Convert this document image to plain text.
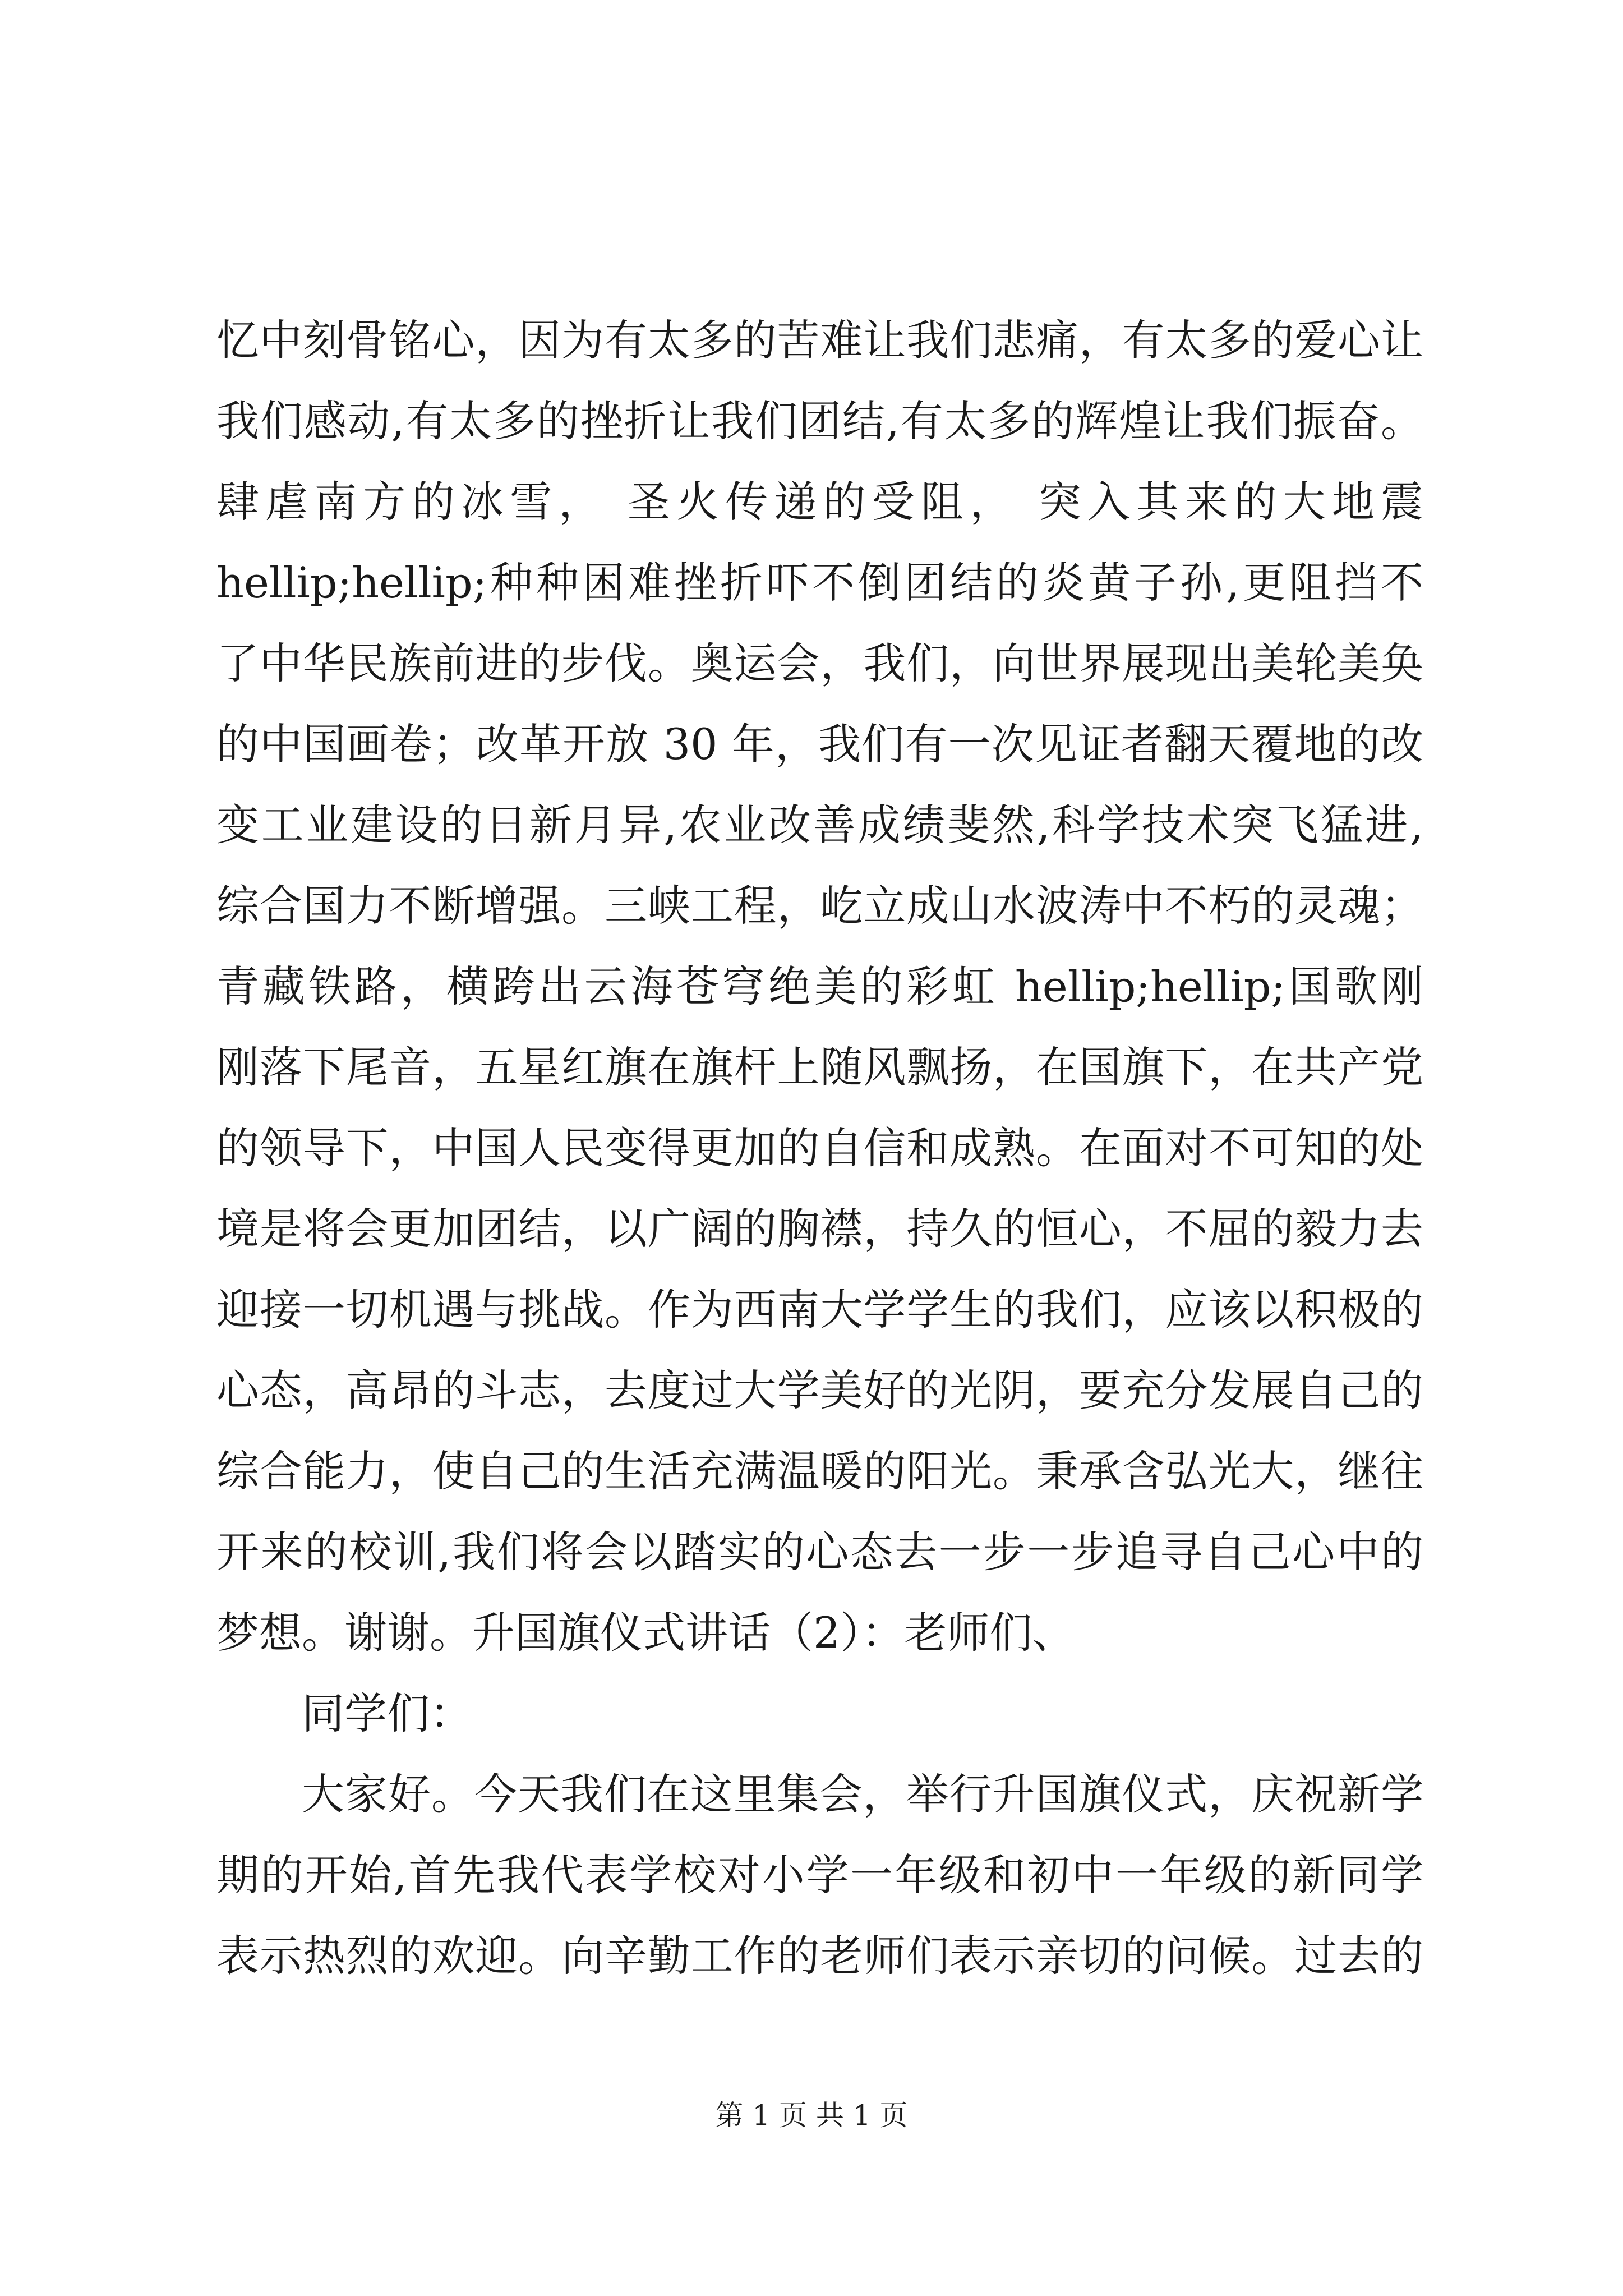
忆中刻骨铭心，因为有太多的苦难让我们悲痛，有太多的爱心让
我们感动,有太多的挫折让我们团结,有太多的辉煌让我们振奋。
肆虐南方的冰雪， 圣火传递的受阻， 突入其来的大地震
hellip;hellip;种种困难挫折吓不倒团结的炎黄子孙,更阻挡不
了中华民族前进的步伐。奥运会，我们，向世界展现出美轮美奂
的中国画卷；改革开放 30 年，我们有一次见证者翻天覆地的改
变工业建设的日新月异,农业改善成绩斐然,科学技术突飞猛进,
综合国力不断增强。三峡工程，屹立成山水波涛中不朽的灵魂；
青藏铁路，横跨出云海苍穹绝美的彩虹 hellip;hellip;国歌刚
刚落下尾音，五星红旗在旗杆上随风飘扬，在国旗下，在共产党
的领导下，中国人民变得更加的自信和成熟。在面对不可知的处
境是将会更加团结，以广阔的胸襟，持久的恒心，不屈的毅力去
迎接一切机遇与挑战。作为西南大学学生的我们，应该以积极的
心态，高昂的斗志，去度过大学美好的光阴，要充分发展自己的
综合能力，使自己的生活充满温暖的阳光。秉承含弘光大，继往
开来的校训,我们将会以踏实的心态去一步一步追寻自己心中的
梦想。谢谢。升国旗仪式讲话（2）：老师们、
同学们：
大家好。今天我们在这里集会，举行升国旗仪式，庆祝新学
期的开始,首先我代表学校对小学一年级和初中一年级的新同学
表示热烈的欢迎。向辛勤工作的老师们表示亲切的问候。过去的
第 1 页 共 1 页
